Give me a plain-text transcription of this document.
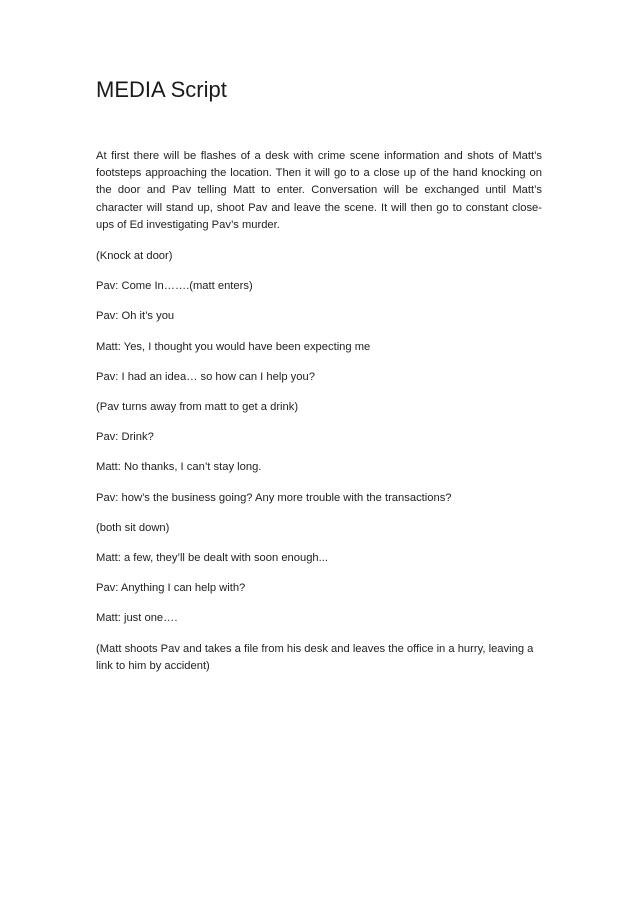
MEDIA Script

At first there will be flashes of a desk with crime scene information and shots of Matt’s footsteps approaching the location. Then it will go to a close up of the hand knocking on the door and Pav telling Matt to enter. Conversation will be exchanged until Matt’s character will stand up, shoot Pav and leave the scene. It will then go to constant close-ups of Ed investigating Pav’s murder.

(Knock at door)

Pav: Come In…….(matt enters)

Pav: Oh it’s you

Matt: Yes, I thought you would have been expecting me

Pav: I had an idea… so how can I help you?

(Pav turns away from matt to get a drink)

Pav: Drink?

Matt: No thanks, I can’t stay long.

Pav: how’s the business going? Any more trouble with the transactions?

(both sit down)

Matt: a few, they’ll be dealt with soon enough...

Pav: Anything I can help with?

Matt: just one….

(Matt shoots Pav and takes a file from his desk and leaves the office in a hurry, leaving a link to him by accident)
